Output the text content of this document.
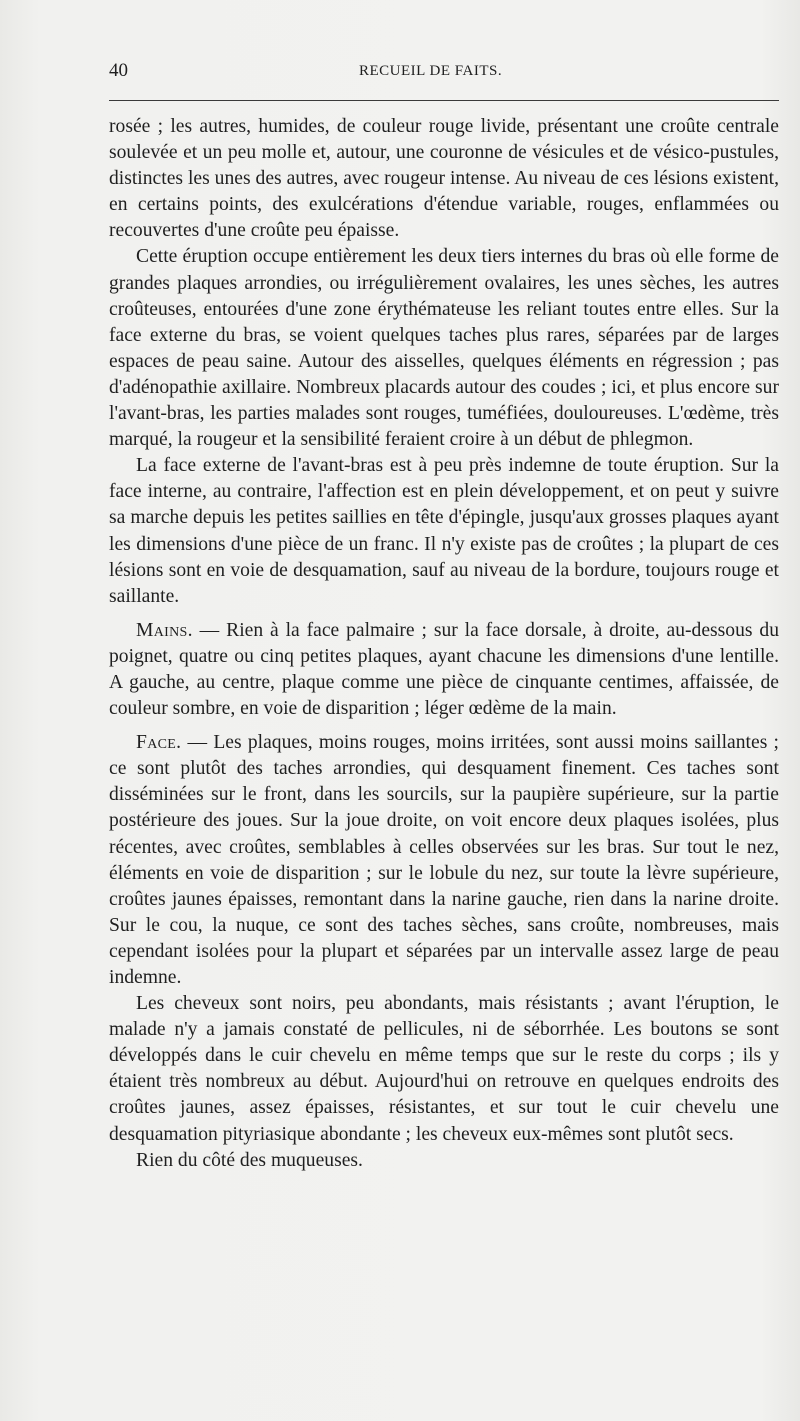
40	RECUEIL DE FAITS.

rosée ; les autres, humides, de couleur rouge livide, présentant une croûte centrale soulevée et un peu molle et, autour, une couronne de vésicules et de vésico-pustules, distinctes les unes des autres, avec rougeur intense. Au niveau de ces lésions existent, en certains points, des exulcérations d'étendue variable, rouges, enflammées ou recouvertes d'une croûte peu épaisse.

Cette éruption occupe entièrement les deux tiers internes du bras où elle forme de grandes plaques arrondies, ou irrégulièrement ovalaires, les unes sèches, les autres croûteuses, entourées d'une zone érythémateuse les reliant toutes entre elles. Sur la face externe du bras, se voient quelques taches plus rares, séparées par de larges espaces de peau saine. Autour des aisselles, quelques éléments en régression ; pas d'adénopathie axillaire. Nombreux placards autour des coudes ; ici, et plus encore sur l'avant-bras, les parties malades sont rouges, tuméfiées, douloureuses. L'œdème, très marqué, la rougeur et la sensibilité feraient croire à un début de phlegmon.

La face externe de l'avant-bras est à peu près indemne de toute éruption. Sur la face interne, au contraire, l'affection est en plein développement, et on peut y suivre sa marche depuis les petites saillies en tête d'épingle, jusqu'aux grosses plaques ayant les dimensions d'une pièce de un franc. Il n'y existe pas de croûtes ; la plupart de ces lésions sont en voie de desquamation, sauf au niveau de la bordure, toujours rouge et saillante.

Mains. — Rien à la face palmaire ; sur la face dorsale, à droite, au-dessous du poignet, quatre ou cinq petites plaques, ayant chacune les dimensions d'une lentille. A gauche, au centre, plaque comme une pièce de cinquante centimes, affaissée, de couleur sombre, en voie de disparition ; léger œdème de la main.

Face. — Les plaques, moins rouges, moins irritées, sont aussi moins saillantes ; ce sont plutôt des taches arrondies, qui desquament finement. Ces taches sont disséminées sur le front, dans les sourcils, sur la paupière supérieure, sur la partie postérieure des joues. Sur la joue droite, on voit encore deux plaques isolées, plus récentes, avec croûtes, semblables à celles observées sur les bras. Sur tout le nez, éléments en voie de disparition ; sur le lobule du nez, sur toute la lèvre supérieure, croûtes jaunes épaisses, remontant dans la narine gauche, rien dans la narine droite. Sur le cou, la nuque, ce sont des taches sèches, sans croûte, nombreuses, mais cependant isolées pour la plupart et séparées par un intervalle assez large de peau indemne.

Les cheveux sont noirs, peu abondants, mais résistants ; avant l'éruption, le malade n'y a jamais constaté de pellicules, ni de séborrhée. Les boutons se sont développés dans le cuir chevelu en même temps que sur le reste du corps ; ils y étaient très nombreux au début. Aujourd'hui on retrouve en quelques endroits des croûtes jaunes, assez épaisses, résistantes, et sur tout le cuir chevelu une desquamation pityriasique abondante ; les cheveux eux-mêmes sont plutôt secs.

Rien du côté des muqueuses.
